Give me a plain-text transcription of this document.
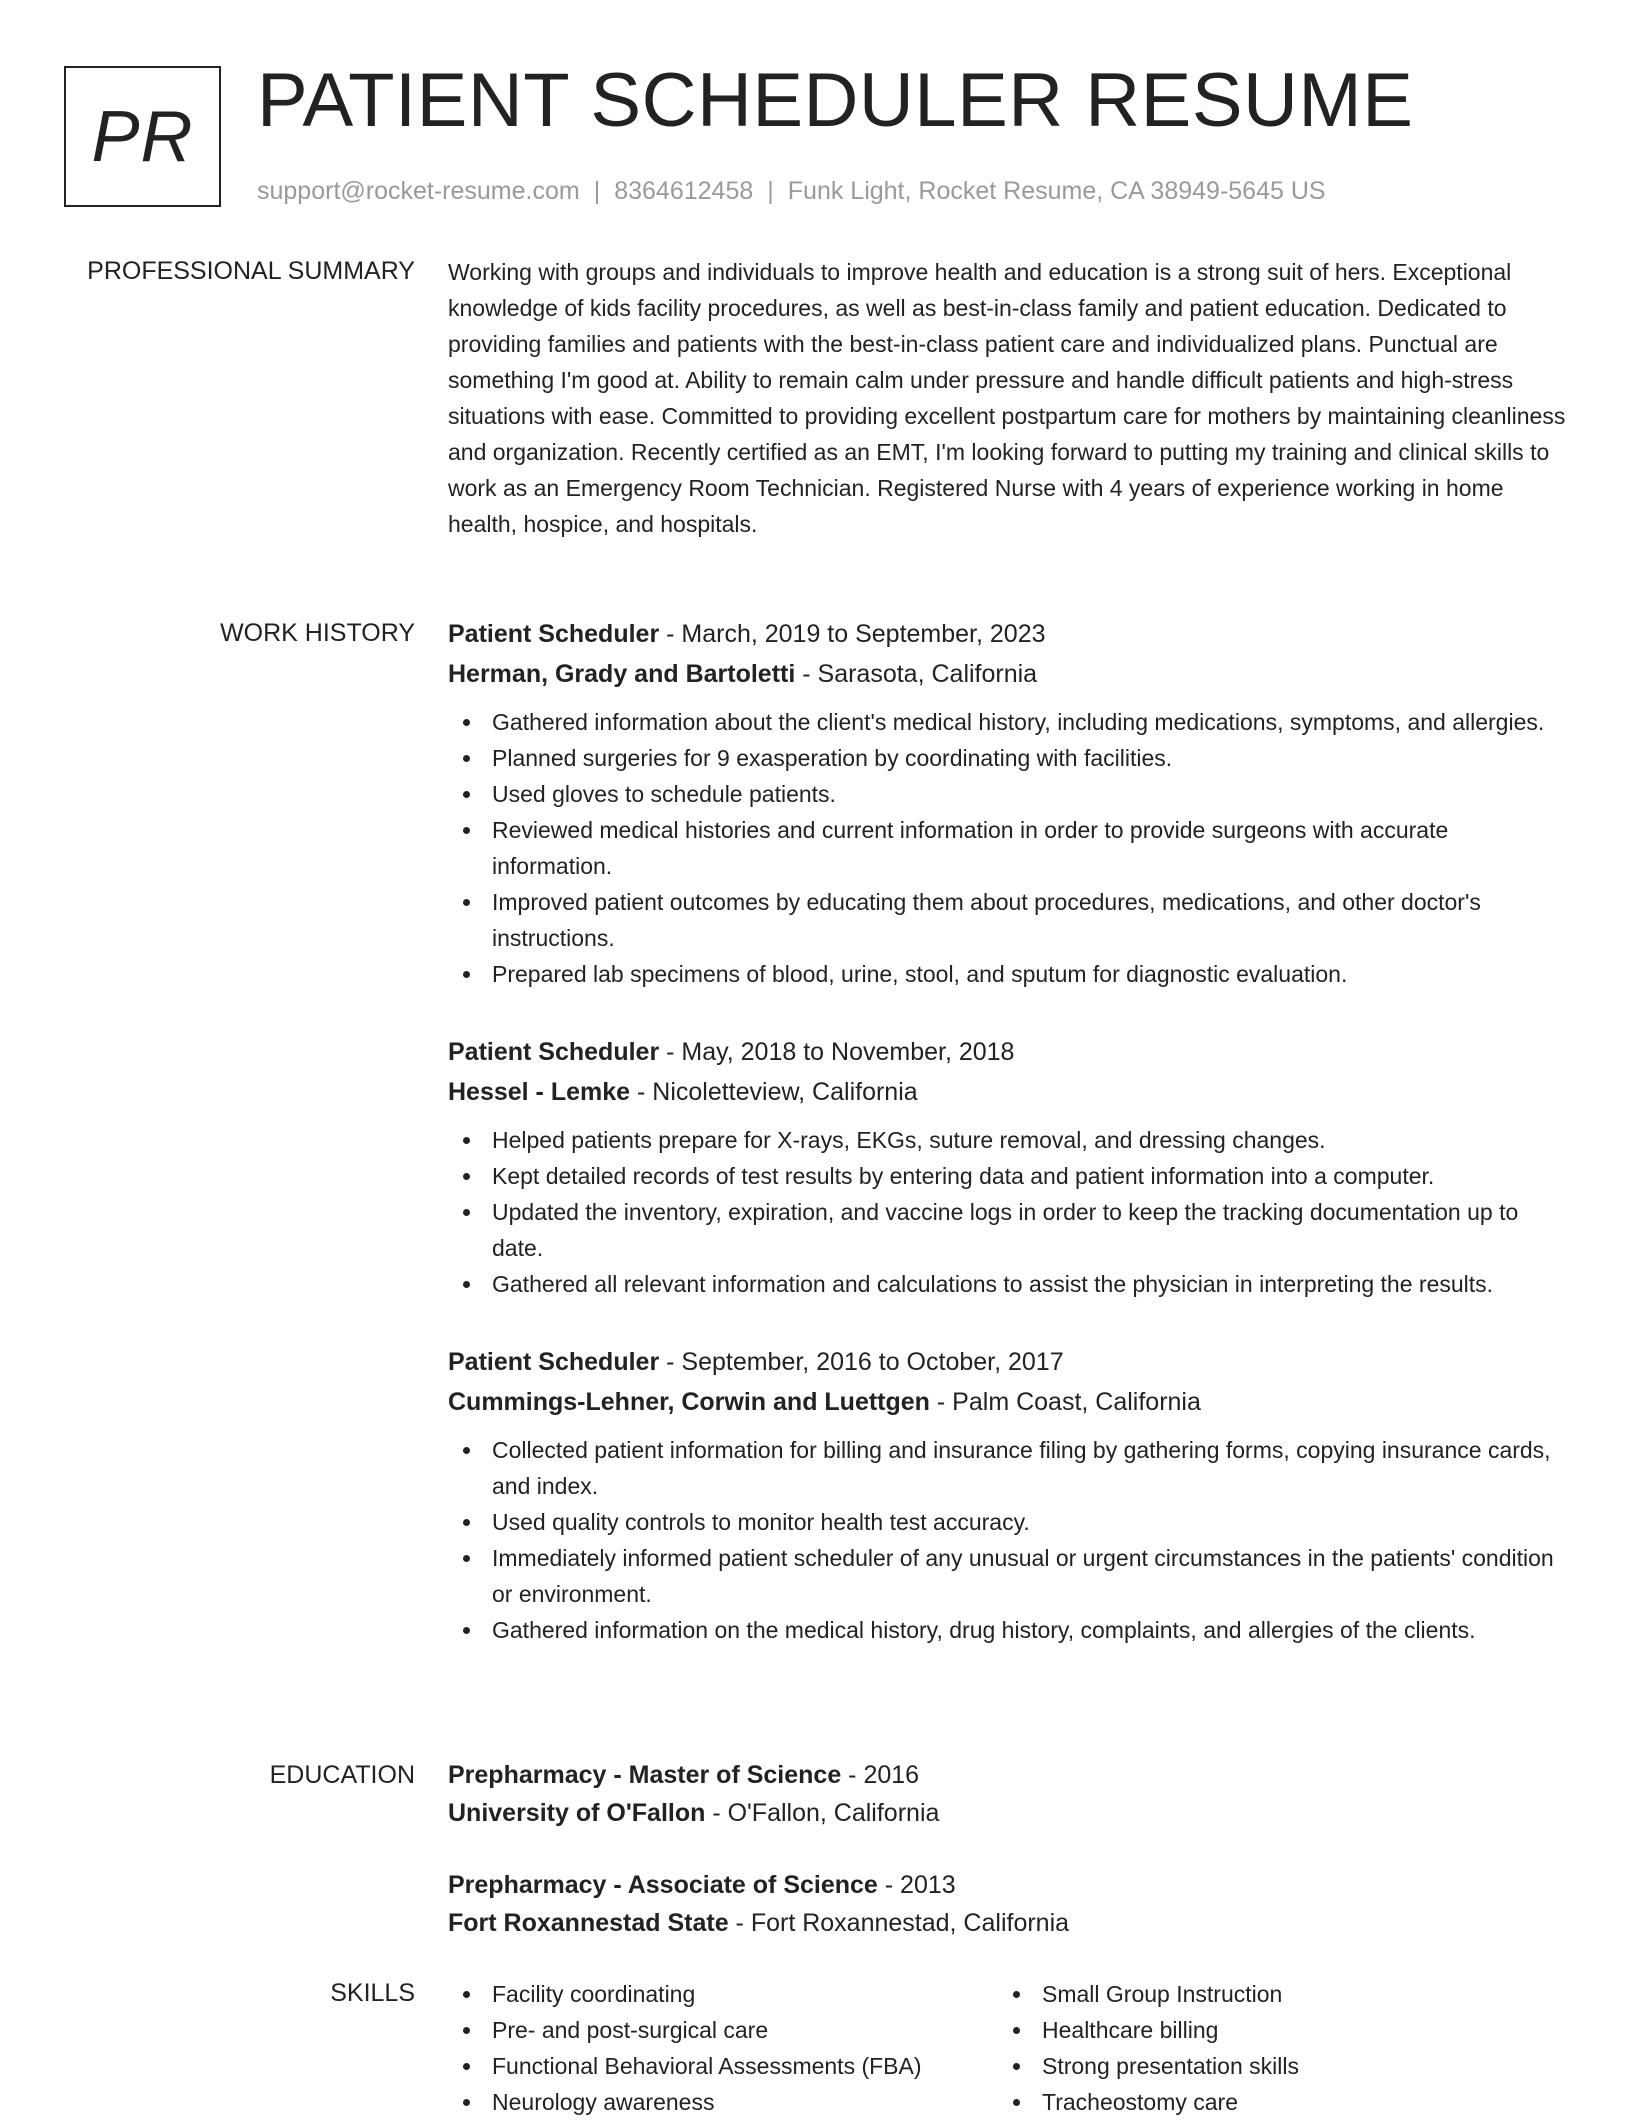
PR PATIENT SCHEDULER RESUME
support@rocket-resume.com | 8364612458 | Funk Light, Rocket Resume, CA 38949-5645 US
PROFESSIONAL SUMMARY Working with groups and individuals to improve health and education is a strong suit of hers. Exceptional knowledge of kids facility procedures, as well as best-in-class family and patient education. Dedicated to providing families and patients with the best-in-class patient care and individualized plans. Punctual are something I'm good at. Ability to remain calm under pressure and handle difficult patients and high-stress situations with ease. Committed to providing excellent postpartum care for mothers by maintaining cleanliness and organization. Recently certified as an EMT, I'm looking forward to putting my training and clinical skills to work as an Emergency Room Technician. Registered Nurse with 4 years of experience working in home health, hospice, and hospitals.
WORK HISTORY Patient Scheduler - March, 2019 to September, 2023
Herman, Grady and Bartoletti - Sarasota, California
Gathered information about the client's medical history, including medications, symptoms, and allergies.
Planned surgeries for 9 exasperation by coordinating with facilities.
Used gloves to schedule patients.
Reviewed medical histories and current information in order to provide surgeons with accurate information.
Improved patient outcomes by educating them about procedures, medications, and other doctor's instructions.
Prepared lab specimens of blood, urine, stool, and sputum for diagnostic evaluation.
Patient Scheduler - May, 2018 to November, 2018
Hessel - Lemke - Nicoletteview, California
Helped patients prepare for X-rays, EKGs, suture removal, and dressing changes.
Kept detailed records of test results by entering data and patient information into a computer.
Updated the inventory, expiration, and vaccine logs in order to keep the tracking documentation up to date.
Gathered all relevant information and calculations to assist the physician in interpreting the results.
Patient Scheduler - September, 2016 to October, 2017
Cummings-Lehner, Corwin and Luettgen - Palm Coast, California
Collected patient information for billing and insurance filing by gathering forms, copying insurance cards, and index.
Used quality controls to monitor health test accuracy.
Immediately informed patient scheduler of any unusual or urgent circumstances in the patients' condition or environment.
Gathered information on the medical history, drug history, complaints, and allergies of the clients.
EDUCATION Prepharmacy - Master of Science - 2016
University of O'Fallon - O'Fallon, California
Prepharmacy - Associate of Science - 2013
Fort Roxannestad State - Fort Roxannestad, California
SKILLS	Facility coordinating
Pre- and post-surgical care
Functional Behavioral Assessments (FBA)
Neurology awareness
Small Group Instruction
Healthcare billing
Strong presentation skills
Tracheostomy care
